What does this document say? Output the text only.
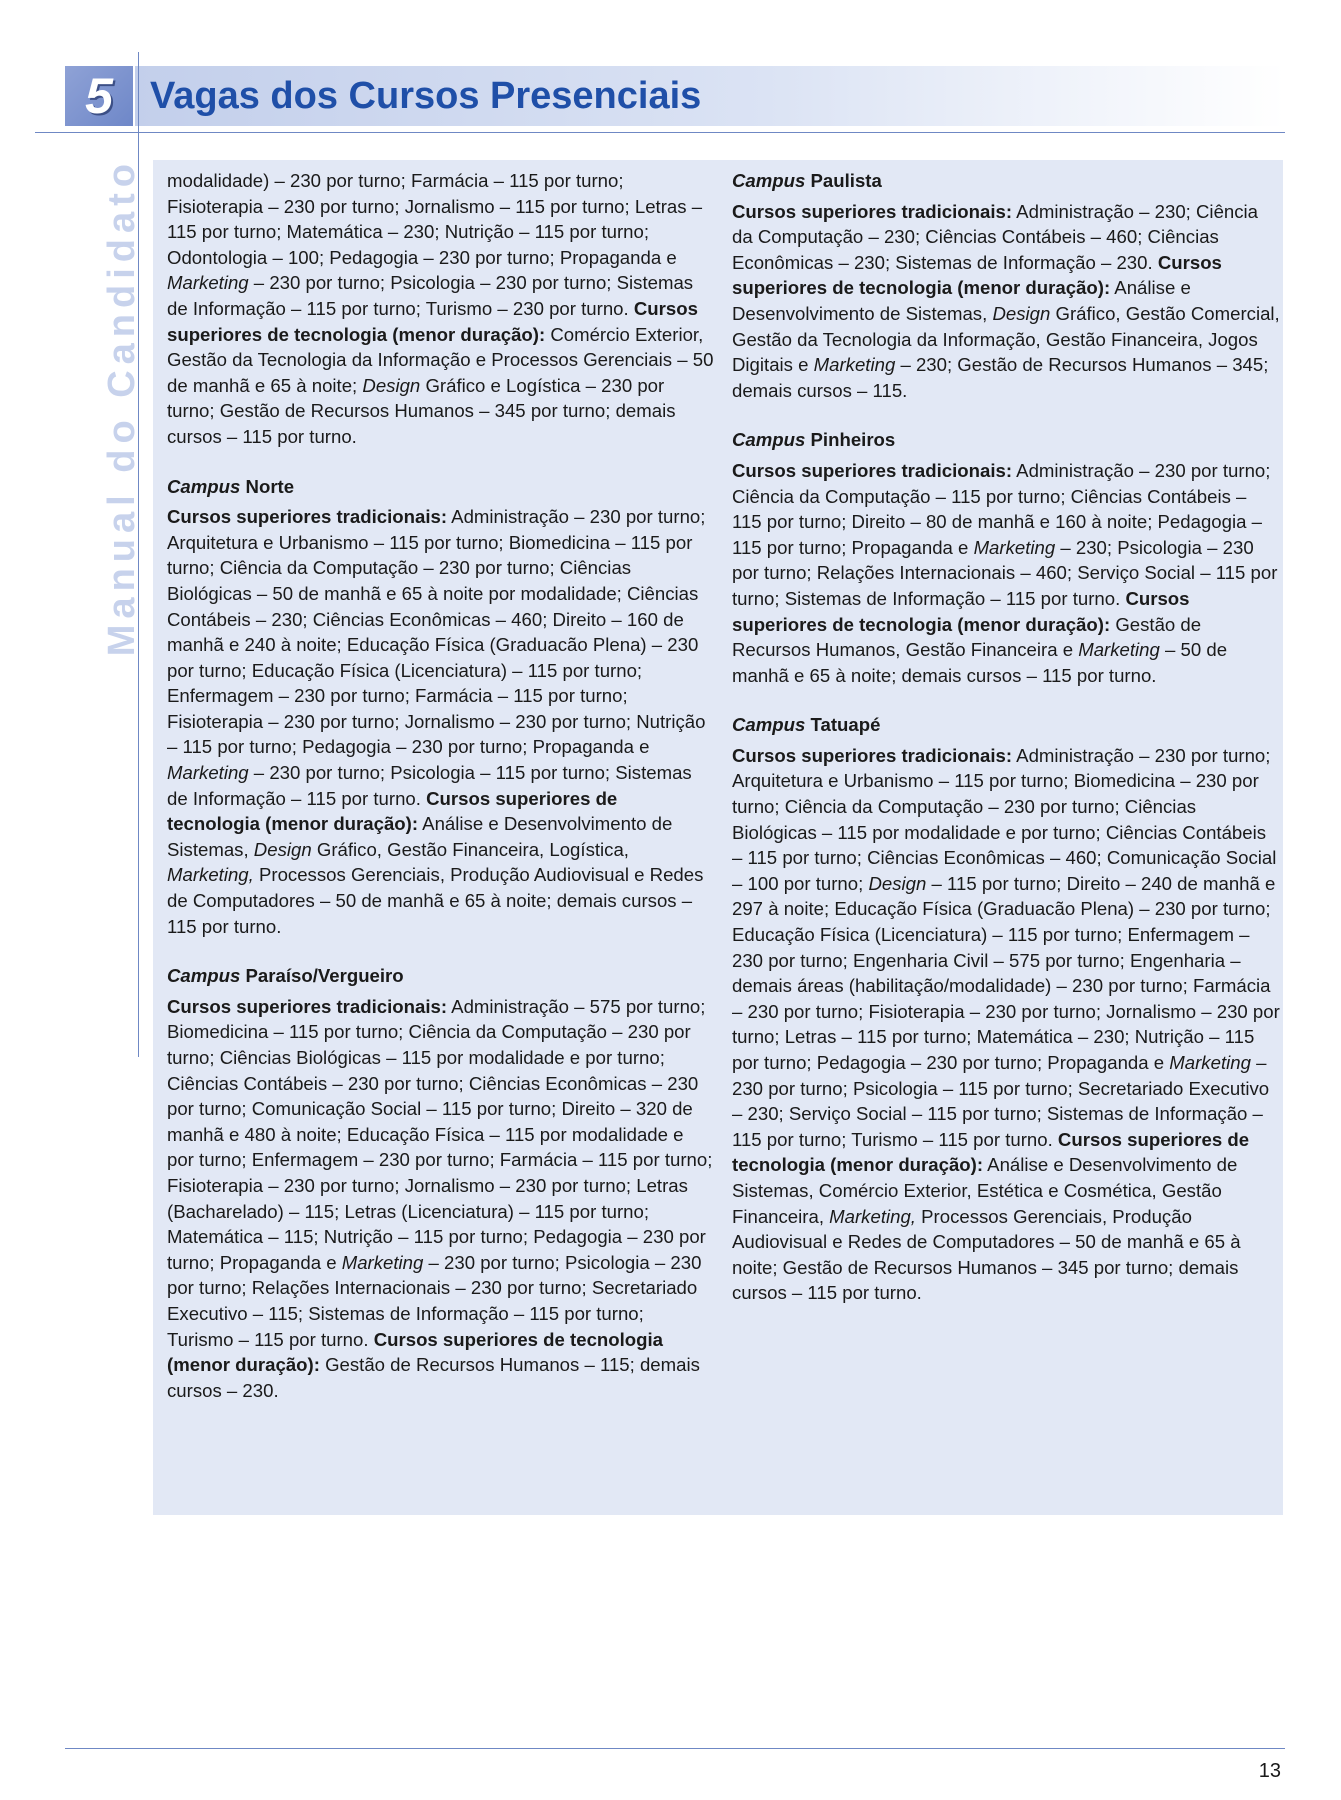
5 Vagas dos Cursos Presenciais
Manual do Candidato modalidade) – 230 por turno; Farmácia – 115 por turno; Fisioterapia – 230 por turno; Jornalismo – 115 por turno; Letras – 115 por turno; Matemática – 230; Nutrição – 115 por turno; Odontologia – 100; Pedagogia – 230 por turno; Propaganda e Marketing – 230 por turno; Psicologia – 230 por turno; Sistemas de Informação – 115 por turno; Turismo – 230 por turno. Cursos superiores de tecnologia (menor duração): Comércio Exterior, Gestão da Tecnologia da Informação e Processos Gerenciais – 50 de manhã e 65 à noite; Design Gráfico e Logística – 230 por turno; Gestão de Recursos Humanos – 345 por turno; demais cursos – 115 por turno.

Campus Norte

Cursos superiores tradicionais: Administração – 230 por turno; Arquitetura e Urbanismo – 115 por turno; Biomedicina – 115 por turno; Ciência da Computação – 230 por turno; Ciências Biológicas – 50 de manhã e 65 à noite por modalidade; Ciências Contábeis – 230; Ciências Econômicas – 460; Direito – 160 de manhã e 240 à noite; Educação Física (Graduacão Plena) – 230 por turno; Educação Física (Licenciatura) – 115 por turno; Enfermagem – 230 por turno; Farmácia – 115 por turno; Fisioterapia – 230 por turno; Jornalismo – 230 por turno; Nutrição – 115 por turno; Pedagogia – 230 por turno; Propaganda e Marketing – 230 por turno; Psicologia – 115 por turno; Sistemas de Informação – 115 por turno. Cursos superiores de tecnologia (menor duração): Análise e Desenvolvimento de Sistemas, Design Gráfico, Gestão Financeira, Logística, Marketing, Processos Gerenciais, Produção Audiovisual e Redes de Computadores – 50 de manhã e 65 à noite; demais cursos – 115 por turno.

Campus Paraíso/Vergueiro

Cursos superiores tradicionais: Administração – 575 por turno; Biomedicina – 115 por turno; Ciência da Computação – 230 por turno; Ciências Biológicas – 115 por modalidade e por turno; Ciências Contábeis – 230 por turno; Ciências Econômicas – 230 por turno; Comunicação Social – 115 por turno; Direito – 320 de manhã e 480 à noite; Educação Física – 115 por modalidade e por turno; Enfermagem – 230 por turno; Farmácia – 115 por turno; Fisioterapia – 230 por turno; Jornalismo – 230 por turno; Letras (Bacharelado) – 115; Letras (Licenciatura) – 115 por turno; Matemática – 115; Nutrição – 115 por turno; Pedagogia – 230 por turno; Propaganda e Marketing – 230 por turno; Psicologia – 230 por turno; Relações Internacionais – 230 por turno; Secretariado Executivo – 115; Sistemas de Informação – 115 por turno; Turismo – 115 por turno. Cursos superiores de tecnologia (menor duração): Gestão de Recursos Humanos – 115; demais cursos – 230.

Campus Paulista

Cursos superiores tradicionais: Administração – 230; Ciência da Computação – 230; Ciências Contábeis – 460; Ciências Econômicas – 230; Sistemas de Informação – 230. Cursos superiores de tecnologia (menor duração): Análise e Desenvolvimento de Sistemas, Design Gráfico, Gestão Comercial, Gestão da Tecnologia da Informação, Gestão Financeira, Jogos Digitais e Marketing – 230; Gestão de Recursos Humanos – 345; demais cursos – 115.

Campus Pinheiros

Cursos superiores tradicionais: Administração – 230 por turno; Ciência da Computação – 115 por turno; Ciências Contábeis – 115 por turno; Direito – 80 de manhã e 160 à noite; Pedagogia – 115 por turno; Propaganda e Marketing – 230; Psicologia – 230 por turno; Relações Internacionais – 460; Serviço Social – 115 por turno; Sistemas de Informação – 115 por turno. Cursos superiores de tecnologia (menor duração): Gestão de Recursos Humanos, Gestão Financeira e Marketing – 50 de manhã e 65 à noite; demais cursos – 115 por turno.

Campus Tatuapé

Cursos superiores tradicionais: Administração – 230 por turno; Arquitetura e Urbanismo – 115 por turno; Biomedicina – 230 por turno; Ciência da Computação – 230 por turno; Ciências Biológicas – 115 por modalidade e por turno; Ciências Contábeis – 115 por turno; Ciências Econômicas – 460; Comunicação Social – 100 por turno; Design – 115 por turno; Direito – 240 de manhã e 297 à noite; Educação Física (Graduacão Plena) – 230 por turno; Educação Física (Licenciatura) – 115 por turno; Enfermagem – 230 por turno; Engenharia Civil – 575 por turno; Engenharia – demais áreas (habilitação/modalidade) – 230 por turno; Farmácia – 230 por turno; Fisioterapia – 230 por turno; Jornalismo – 230 por turno; Letras – 115 por turno; Matemática – 230; Nutrição – 115 por turno; Pedagogia – 230 por turno; Propaganda e Marketing – 230 por turno; Psicologia – 115 por turno; Secretariado Executivo – 230; Serviço Social – 115 por turno; Sistemas de Informação – 115 por turno; Turismo – 115 por turno. Cursos superiores de tecnologia (menor duração): Análise e Desenvolvimento de Sistemas, Comércio Exterior, Estética e Cosmética, Gestão Financeira, Marketing, Processos Gerenciais, Produção Audiovisual e Redes de Computadores – 50 de manhã e 65 à noite; Gestão de Recursos Humanos – 345 por turno; demais cursos – 115 por turno.

13
